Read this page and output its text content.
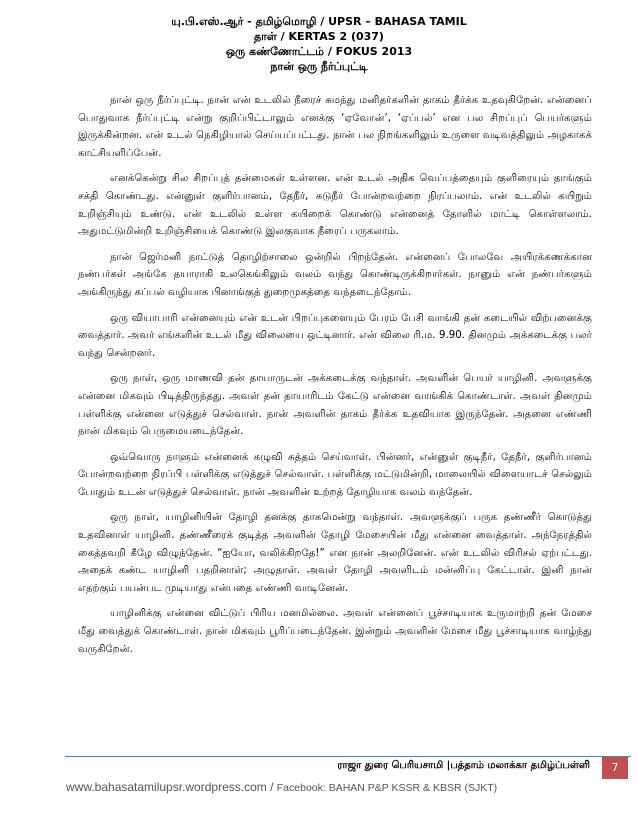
யு.பி.எஸ்.ஆர் - தமிழ்மொழி / UPSR – BAHASA TAMIL
தாள் / KERTAS 2 (037)
ஒரு கண்ணோட்டம் / FOKUS 2013
நான் ஒரு நீர்ப்புட்டி

நான் ஒரு நீர்ப்புட்டி. நான் என் உடலில் நீரைச் சுமந்து மனிதர்களின் தாகம் தீர்க்க உதவுகிறேன். என்னைப் பொதுவாக நீர்ப்புட்டி என்று குறிப்பிட்டாலும் எனக்கு ‘ஏவோன்’, ‘ஏப்பல்’ என பல சிறப்புப் பெயர்களும் இருக்கின்றன. என் உடல் நெகிழியால் செய்யப்பட்டது. நான் பல நிறங்களிலும் உருளை வடிவத்திலும் அழகாகக் காட்சியளிப்பேன்.

எனக்கென்று சில சிறப்புத் தன்மைகள் உள்ளன. என் உடல் அதிக வெப்பத்தையும் குளிரையும் தாங்கும் சக்தி கொண்டது. என்னுள் குளிர்பானம், தேநீர், சுடுநீர் போன்றவற்றை நிரப்பலாம். என் உடலில் கயிறும் உறிஞ்சியும் உண்டு. என் உடலில் உள்ள கயிறைக் கொண்டு என்னைத் தோளில் மாட்டி கொள்ளலாம். அதுமட்டுமின்றி உறிஞ்சியைக் கொண்டு இலகுவாக நீரைப் பருகலாம்.

நான் ஜெர்மனி நாட்டுத் தொழிற்சாலை ஒன்றில் பிறந்தேன். என்னைப் போலவே அயிரக்கணக்கான நண்பர்கள் அங்கே தயாராகி உலகெங்கிலும் வலம் வந்து கொண்டிருக்கிறார்கள். நானும் என் நண்பர்களும் அங்கிருந்து கப்பல் வழியாக பினாங்குத் துறைமுகத்தை வந்தடைந்தோம்.

ஒரு வியாபாரி என்னையும் என் உடன் பிறப்புகளையும் பேரம் பேசி வாங்கி தன் கடையில் விற்பனைக்கு வைத்தார். அவர் எங்களின் உடல் மீது விலையை ஒட்டினார். என் விலை ரி.ம. 9.90. தினமும் அக்கடைக்கு பலர் வந்து சென்றனர்.

ஒரு நாள், ஒரு மாணவி தன் தாயாருடன் அக்கடைக்கு வந்தாள். அவளின் பெயர் யாழினி. அவளுக்கு என்னை மிகவும் பிடித்திருந்தது. அவள் தன் தாயாரிடம் கேட்டு என்னை வாங்கிக் கொண்டாள். அவள் தினமும் பள்ளிக்கு என்னை எடுத்துச் செல்வாள். நான் அவளின் தாகம் தீர்க்க உதவியாக இருந்தேன். அதனை எண்ணி நான் மிகவும் பெருமையடைந்தேன்.

ஒவ்வொரு நாளும் என்னைக் கழுவி சுத்தம் செய்வாள். பின்னர், என்னுள் குடிநீர், தேநீர், குளிர்பானம் போன்றவற்றை நிரப்பி பள்ளிக்கு எடுத்துச் செல்வாள். பள்ளிக்கு மட்டுமின்றி, மாலையில் விளையாடச் செல்லும் போதும் உடன் எடுத்துச் செல்வாள். நான் அவளின் உற்றத் தோழியாக வலம் வந்தேன்.

ஒரு நாள், யாழினியின் தோழி தனக்கு தாகமென்று வந்தாள். அவளுக்குப் பருக தண்ணீர் கொடுத்து உதவினாள் யாழினி. தண்ணீரைக் குடித்த அவளின் தோழி மேசையின் மீது என்னை வைத்தாள். அந்நேரத்தில் கைத்தவறி கீழே விழுந்தேன். “ஐயோ, வலிக்கிறதே!” என நான் அலறினேன். என் உடலில் விரிசல் ஏற்பட்டது. அதைக் கண்ட யாழினி பதறினாள்; அழுதாள். அவள் தோழி அவளிடம் மன்னிப்பு கேட்டாள். இனி நான் எதற்கும் பயன்பட முடியாது என்பதை எண்ணி வாடினேன்.

யாழினிக்கு என்னை விட்டுப் பிரிய மனமில்லை. அவள் என்னைப் பூச்சாடியாக உருமாற்றி தன் மேசை மீது வைத்துக் கொண்டாள். நான் மிகவும் பூரிப்படைந்தேன். இன்றும் அவளின் மேசை மீது பூச்சாடியாக வாழ்ந்து வருகிறேன்.

ராஜா துரை பெரியசாமி |பத்தாம் மலாக்கா தமிழ்ப்பள்ளி	7
www.bahasatamilupsr.wordpress.com / Facebook: BAHAN P&P KSSR & KBSR (SJKT)
